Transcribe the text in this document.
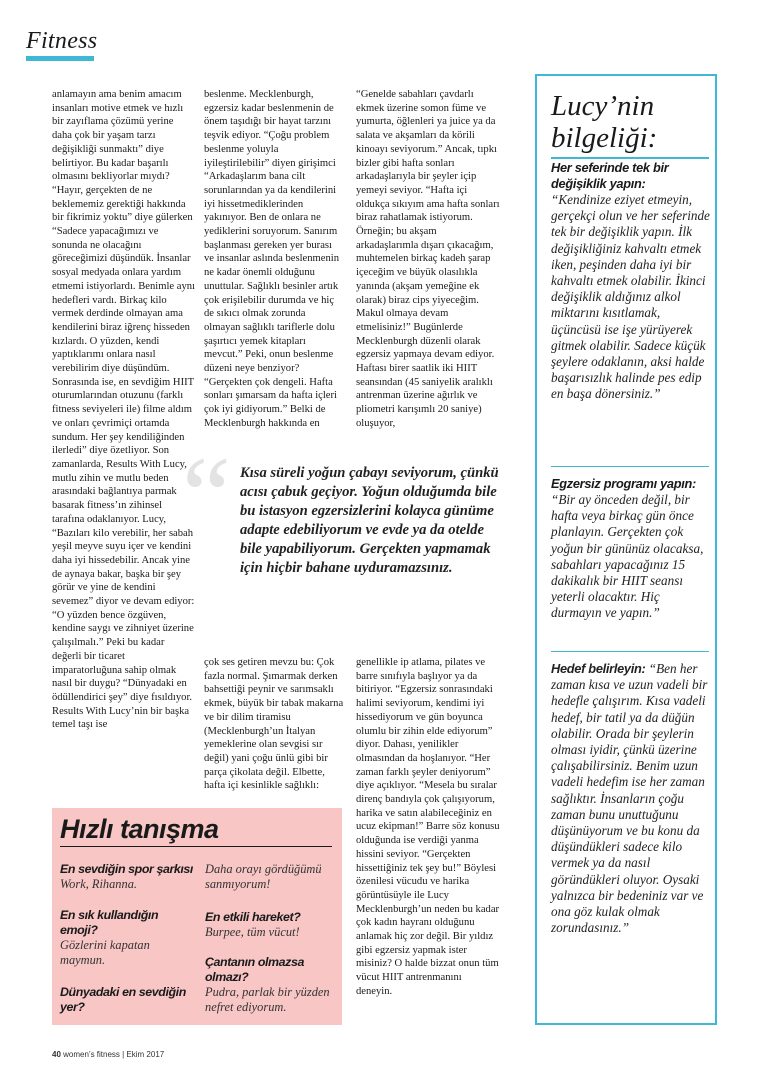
Fitness

anlamayın ama benim amacım insanları motive etmek ve hızlı bir zayıflama çözümü yerine daha çok bir yaşam tarzı değişikliği sunmaktı” diye belirtiyor. Bu kadar başarılı olmasını bekliyorlar mıydı? “Hayır, gerçekten de ne beklememiz gerektiği hakkında bir fikrimiz yoktu” diye gülerken “Sadece yapacağımızı ve sonunda ne olacağını göreceğimizi düşündük. İnsanlar sosyal medyada onlara yardım etmemi istiyorlardı. Benimle aynı hedefleri vardı. Birkaç kilo vermek derdinde olmayan ama kendilerini biraz iğrenç hisseden kızlardı. O yüzden, kendi yaptıklarımı onlara nasıl verebilirim diye düşündüm. Sonrasında ise, en sevdiğim HIIT oturumlarından otuzunu (farklı fitness seviyeleri ile) filme aldım ve onları çevrimiçi ortamda sundum. Her şey kendiliğinden ilerledi” diye özetliyor. Son zamanlarda, Results With Lucy, mutlu zihin ve mutlu beden arasındaki bağlantıya parmak basarak fitness’ın zihinsel tarafına odaklanıyor. Lucy, “Bazıları kilo verebilir, her sabah yeşil meyve suyu içer ve kendini daha iyi hissedebilir. Ancak yine de aynaya bakar, başka bir şey görür ve yine de kendini sevemez” diyor ve devam ediyor: “O yüzden bence özgüven, kendine saygı ve zihniyet üzerine çalışılmalı.” Peki bu kadar değerli bir ticaret imparatorluğuna sahip olmak nasıl bir duygu? “Dünyadaki en ödüllendirici şey” diye fısıldıyor. Results With Lucy’nin bir başka temel taşı ise

beslenme. Mecklenburgh, egzersiz kadar beslenmenin de önem taşıdığı bir hayat tarzını teşvik ediyor. “Çoğu problem beslenme yoluyla iyileştirilebilir” diyen girişimci “Arkadaşlarım bana cilt sorunlarından ya da kendilerini iyi hissetmediklerinden yakınıyor. Ben de onlara ne yediklerini soruyorum. Sanırım başlanması gereken yer burası ve insanlar aslında beslenmenin ne kadar önemli olduğunu unuttular. Sağlıklı besinler artık çok erişilebilir durumda ve hiç de sıkıcı olmak zorunda olmayan sağlıklı tariflerle dolu şaşırtıcı yemek kitapları mevcut.” Peki, onun beslenme düzeni neye benziyor? “Gerçekten çok dengeli. Hafta sonları şımarsam da hafta içleri çok iyi gidiyorum.” Belki de Mecklenburgh hakkında en

“Genelde sabahları çavdarlı ekmek üzerine somon füme ve yumurta, öğlenleri ya juice ya da salata ve akşamları da körili kinoayı seviyorum.” Ancak, tıpkı bizler gibi hafta sonları arkadaşlarıyla bir şeyler içip yemeyi seviyor. “Hafta içi oldukça sıkıyım ama hafta sonları biraz rahatlamak istiyorum. Örneğin; bu akşam arkadaşlarımla dışarı çıkacağım, muhtemelen birkaç kadeh şarap içeceğim ve büyük olasılıkla yanında (akşam yemeğine ek olarak) biraz cips yiyeceğim. Makul olmaya devam etmelisiniz!” Bugünlerde Mecklenburgh düzenli olarak egzersiz yapmaya devam ediyor. Haftası birer saatlik iki HIIT seansından (45 saniyelik aralıklı antrenman üzerine ağırlık ve pliometri karışımlı 20 saniye) oluşuyor,

“ Kısa süreli yoğun çabayı seviyorum, çünkü acısı çabuk geçiyor. Yoğun olduğumda bile bu istasyon egzersizlerini kolayca günüme adapte edebiliyorum ve evde ya da otelde bile yapabiliyorum. Gerçekten yapmamak için hiçbir bahane uyduramazsınız.

çok ses getiren mevzu bu: Çok fazla normal. Şımarmak derken bahsettiği peynir ve sarımsaklı ekmek, büyük bir tabak makarna ve bir dilim tiramisu (Mecklenburgh’un İtalyan yemeklerine olan sevgisi sır değil) yani çoğu ünlü gibi bir parça çikolata değil. Elbette, hafta içi kesinlikle sağlıklı:

genellikle ip atlama, pilates ve barre sınıfıyla başlıyor ya da bitiriyor. “Egzersiz sonrasındaki halimi seviyorum, kendimi iyi hissediyorum ve gün boyunca olumlu bir zihin elde ediyorum” diyor. Dahası, yenilikler olmasından da hoşlanıyor. “Her zaman farklı şeyler deniyorum” diye açıklıyor. “Mesela bu sıralar direnç bandıyla çok çalışıyorum, harika ve satın alabileceğiniz en ucuz ekipman!” Barre söz konusu olduğunda ise verdiği yanma hissini seviyor. “Gerçekten hissettiğiniz tek şey bu!” Böylesi özenilesi vücudu ve harika görüntüsüyle ile Lucy Mecklenburgh’un neden bu kadar çok kadın hayranı olduğunu anlamak hiç zor değil. Bir yıldız gibi egzersiz yapmak ister misiniz? O halde bizzat onun tüm vücut HIIT antrenmanını deneyin.

Hızlı tanışma
En sevdiğin spor şarkısı
Work, Rihanna.
En sık kullandığın emoji?
Gözlerini kapatan maymun.
Dünyadaki en sevdiğin yer?
Daha orayı gördüğümü sanmıyorum!
En etkili hareket?
Burpee, tüm vücut!
Çantanın olmazsa olmazı?
Pudra, parlak bir yüzden nefret ediyorum.
Lucy’nin
bilgeliği:
Her seferinde tek bir değişiklik yapın:
“Kendinize eziyet etmeyin, gerçekçi olun ve her seferinde tek bir değişiklik yapın. İlk değişikliğiniz kahvaltı etmek iken, peşinden daha iyi bir kahvaltı etmek olabilir. İkinci değişiklik aldığınız alkol miktarını kısıtlamak, üçüncüsü ise işe yürüyerek gitmek olabilir. Sadece küçük şeylere odaklanın, aksi halde başarısızlık halinde pes edip en başa dönersiniz.”
Egzersiz programı yapın:
“Bir ay önceden değil, bir hafta veya birkaç gün önce planlayın. Gerçekten çok yoğun bir gününüz olacaksa, sabahları yapacağınız 15 dakikalık bir HIIT seansı yeterli olacaktır. Hiç durmayın ve yapın.”
Hedef belirleyin: “Ben her zaman kısa ve uzun vadeli bir hedefle çalışırım. Kısa vadeli hedef, bir tatil ya da düğün olabilir. Orada bir şeylerin olması iyidir, çünkü üzerine çalışabilirsiniz. Benim uzun vadeli hedefim ise her zaman sağlıktır. İnsanların çoğu zaman bunu unuttuğunu düşünüyorum ve bu konu da düşündükleri sadece kilo vermek ya da nasıl göründükleri oluyor. Oysaki yalnızca bir bedeniniz var ve ona göz kulak olmak zorundasınız.”
40 women’s fitness | Ekim 2017
